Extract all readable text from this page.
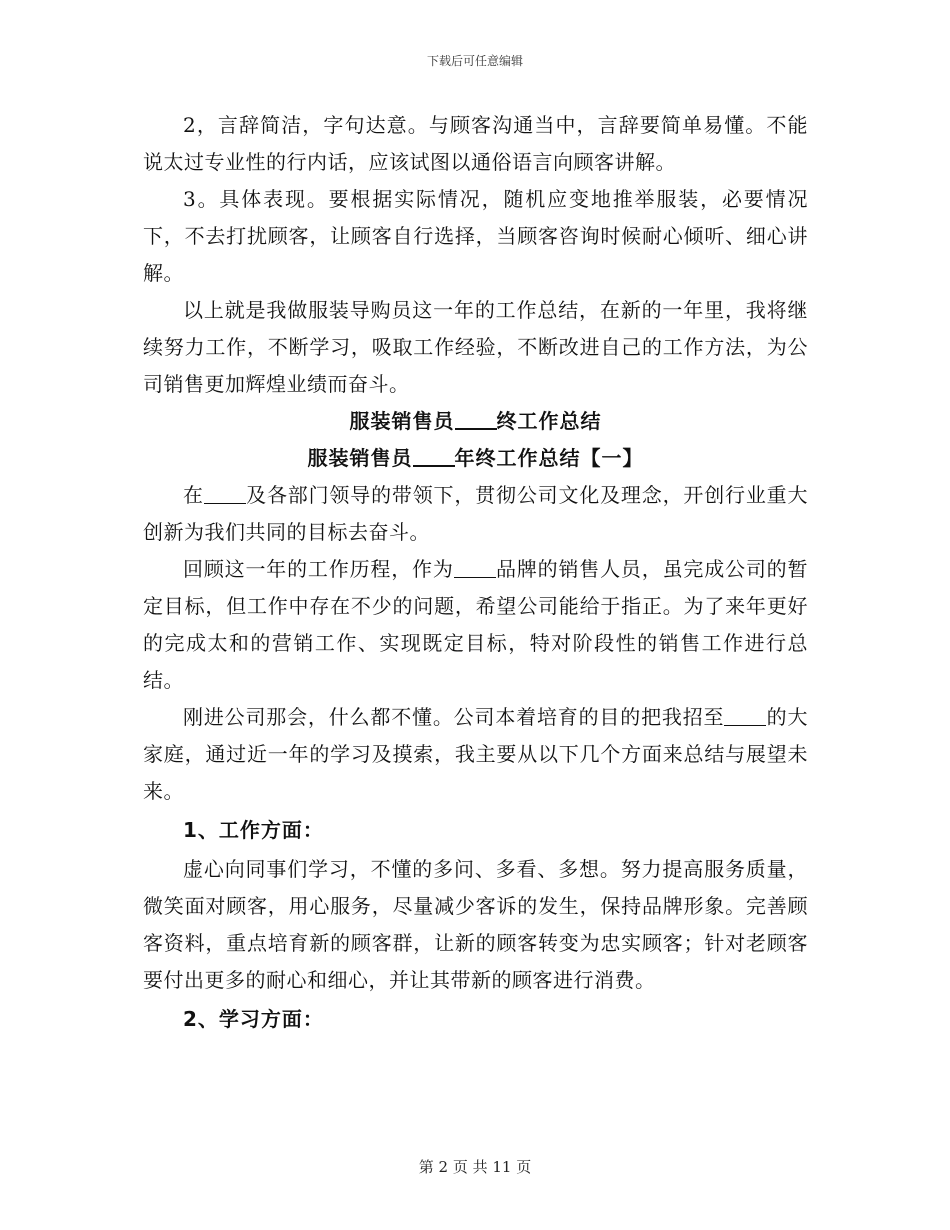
下载后可任意编辑

2，言辞简洁，字句达意。与顾客沟通当中，言辞要简单易懂。不能说太过专业性的行内话，应该试图以通俗语言向顾客讲解。

3。具体表现。要根据实际情况，随机应变地推举服装，必要情况下，不去打扰顾客，让顾客自行选择，当顾客咨询时候耐心倾听、细心讲解。

以上就是我做服装导购员这一年的工作总结，在新的一年里，我将继续努力工作，不断学习，吸取工作经验，不断改进自己的工作方法，为公司销售更加辉煌业绩而奋斗。

服装销售员 终工作总结

服装销售员 年终工作总结【一】

在 及各部门领导的带领下，贯彻公司文化及理念，开创行业重大创新为我们共同的目标去奋斗。

回顾这一年的工作历程，作为 品牌的销售人员，虽完成公司的暂定目标，但工作中存在不少的问题，希望公司能给于指正。为了来年更好的完成太和的营销工作、实现既定目标，特对阶段性的销售工作进行总结。

刚进公司那会，什么都不懂。公司本着培育的目的把我招至 的大家庭，通过近一年的学习及摸索，我主要从以下几个方面来总结与展望未来。

1、工作方面：

虚心向同事们学习，不懂的多问、多看、多想。努力提高服务质量，微笑面对顾客，用心服务，尽量减少客诉的发生，保持品牌形象。完善顾客资料，重点培育新的顾客群，让新的顾客转变为忠实顾客；针对老顾客要付出更多的耐心和细心，并让其带新的顾客进行消费。

2、学习方面：

第 2 页 共 11 页
